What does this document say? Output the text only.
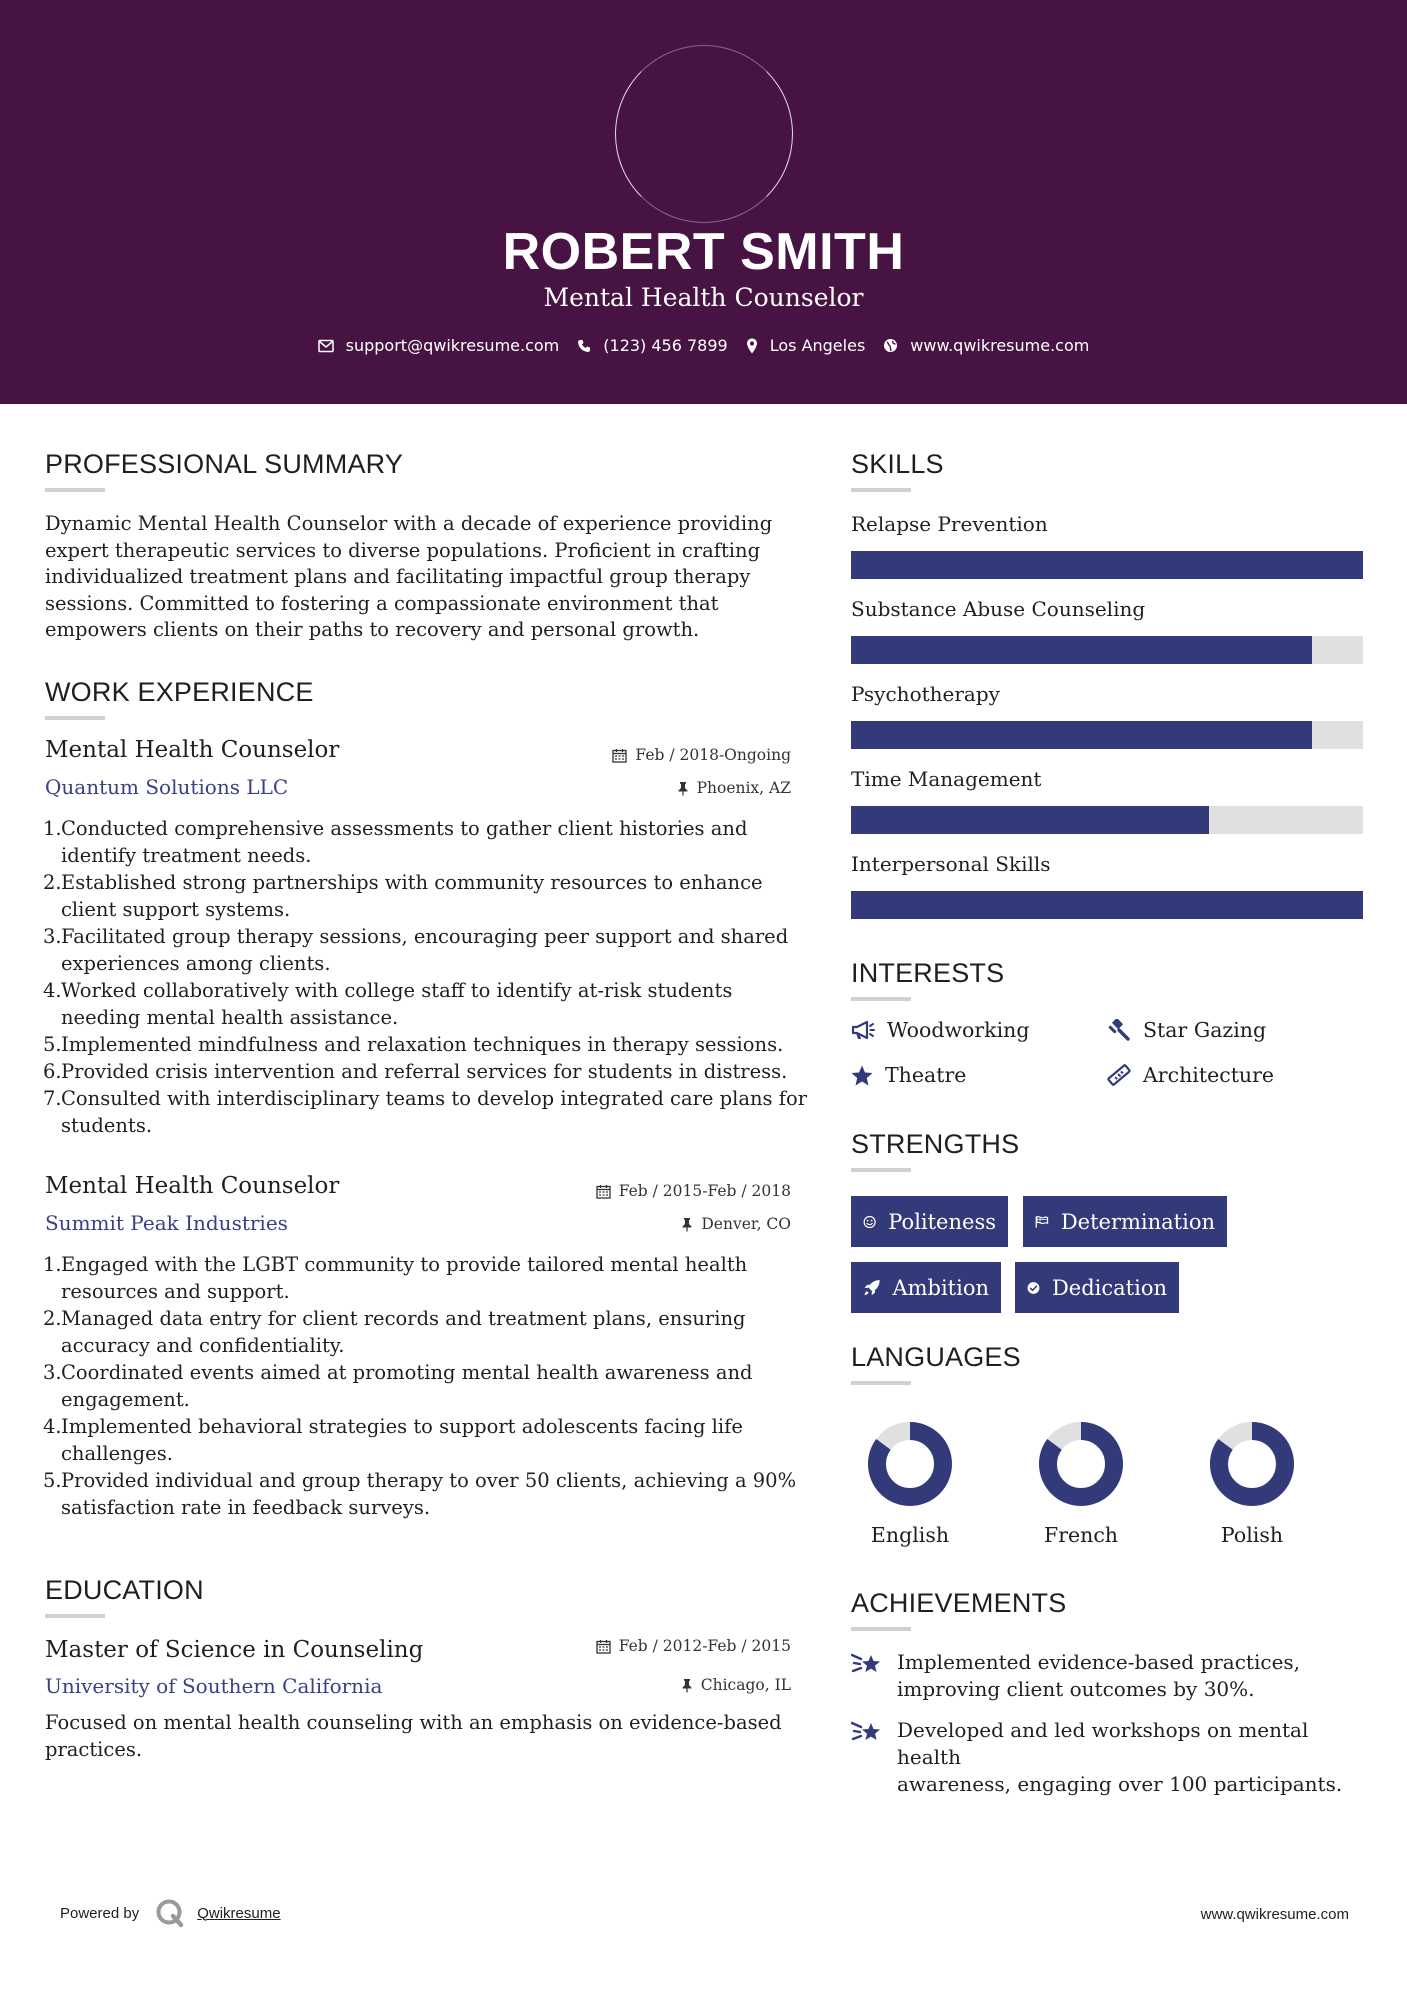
ROBERT SMITH
Mental Health Counselor
support@qwikresume.com	(123) 456 7899	Los Angeles	www.qwikresume.com
PROFESSIONAL SUMMARY
Dynamic Mental Health Counselor with a decade of experience providing
expert therapeutic services to diverse populations. Proficient in crafting
individualized treatment plans and facilitating impactful group therapy
sessions. Committed to fostering a compassionate environment that
empowers clients on their paths to recovery and personal growth.
WORK EXPERIENCE
Mental Health Counselor	Feb / 2018-Ongoing
Quantum Solutions LLC	Phoenix, AZ
1. Conducted comprehensive assessments to gather client histories and
identify treatment needs.
2. Established strong partnerships with community resources to enhance
client support systems.
3. Facilitated group therapy sessions, encouraging peer support and shared
experiences among clients.
4. Worked collaboratively with college staff to identify at-risk students
needing mental health assistance.
5. Implemented mindfulness and relaxation techniques in therapy sessions.
6. Provided crisis intervention and referral services for students in distress.
7. Consulted with interdisciplinary teams to develop integrated care plans for
students.
Mental Health Counselor	Feb / 2015-Feb / 2018
Summit Peak Industries	Denver, CO
1. Engaged with the LGBT community to provide tailored mental health
resources and support.
2. Managed data entry for client records and treatment plans, ensuring
accuracy and confidentiality.
3. Coordinated events aimed at promoting mental health awareness and
engagement.
4. Implemented behavioral strategies to support adolescents facing life
challenges.
5. Provided individual and group therapy to over 50 clients, achieving a 90%
satisfaction rate in feedback surveys.
EDUCATION
Master of Science in Counseling	Feb / 2012-Feb / 2015
University of Southern California	Chicago, IL
Focused on mental health counseling with an emphasis on evidence-based
practices.
SKILLS
Relapse Prevention
Substance Abuse Counseling
Psychotherapy
Time Management
Interpersonal Skills
INTERESTS
Woodworking	Star Gazing
Theatre	Architecture
STRENGTHS
Politeness	Determination
Ambition	Dedication
LANGUAGES
English	French	Polish
ACHIEVEMENTS
Implemented evidence-based practices,
improving client outcomes by 30%.
Developed and led workshops on mental health
awareness, engaging over 100 participants.
Powered by	Qwikresume	www.qwikresume.com
